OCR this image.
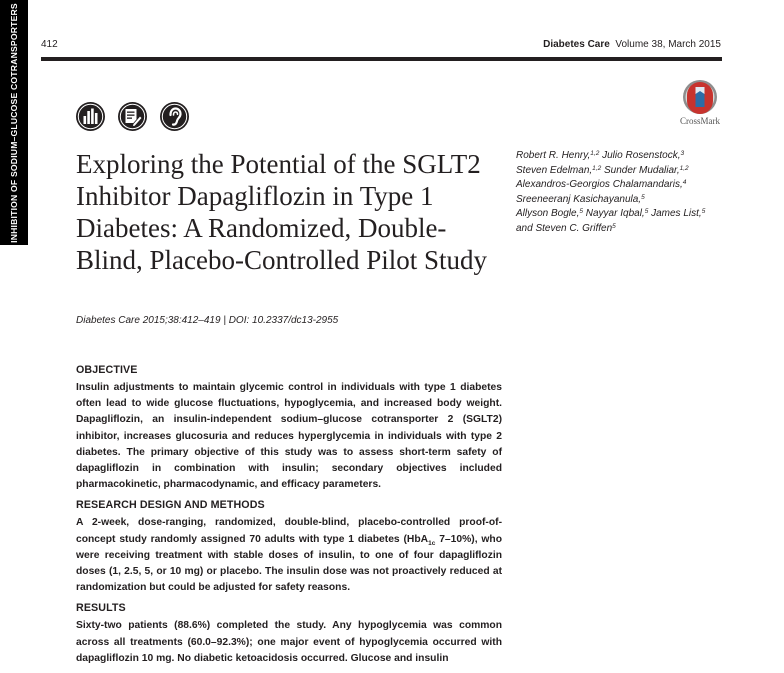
INHIBITION OF SODIUM–GLUCOSE COTRANSPORTERS 412	Diabetes Care Volume 38, March 2015
CrossMark
Exploring the Potential of the SGLT2 Inhibitor Dapagliflozin in Type 1 Diabetes: A Randomized, Double-Blind, Placebo-Controlled Pilot Study
Diabetes Care 2015;38:412–419 | DOI: 10.2337/dc13-2955
Robert R. Henry,$^{1,2}$ Julio Rosenstock,$^3$
Steven Edelman,$^{1,2}$ Sunder Mudaliar,$^{1,2}$
Alexandros-Georgios Chalamandaris,$^4$
Sreeneeranj Kasichayanula,$^5$
Allyson Bogle,$^5$ Nayyar Iqbal,$^5$ James List,$^5$
and Steven C. Griffen$^5$
OBJECTIVE
Insulin adjustments to maintain glycemic control in individuals with type 1 diabetes often lead to wide glucose fluctuations, hypoglycemia, and increased body weight. Dapagliflozin, an insulin-independent sodium–glucose cotransporter 2 (SGLT2) inhibitor, increases glucosuria and reduces hyperglycemia in individuals with type 2 diabetes. The primary objective of this study was to assess short-term safety of dapagliflozin in combination with insulin; secondary objectives included pharmacokinetic, pharmacodynamic, and efficacy parameters.
RESEARCH DESIGN AND METHODS
A 2-week, dose-ranging, randomized, double-blind, placebo-controlled proof-of-concept study randomly assigned 70 adults with type 1 diabetes (HbA$_{1c}$ 7–10%), who were receiving treatment with stable doses of insulin, to one of four dapagliflozin doses (1, 2.5, 5, or 10 mg) or placebo. The insulin dose was not proactively reduced at randomization but could be adjusted for safety reasons.
RESULTS
Sixty-two patients (88.6%) completed the study. Any hypoglycemia was common across all treatments (60.0–92.3%); one major event of hypoglycemia occurred with dapagliflozin 10 mg. No diabetic ketoacidosis occurred. Glucose and insulin
